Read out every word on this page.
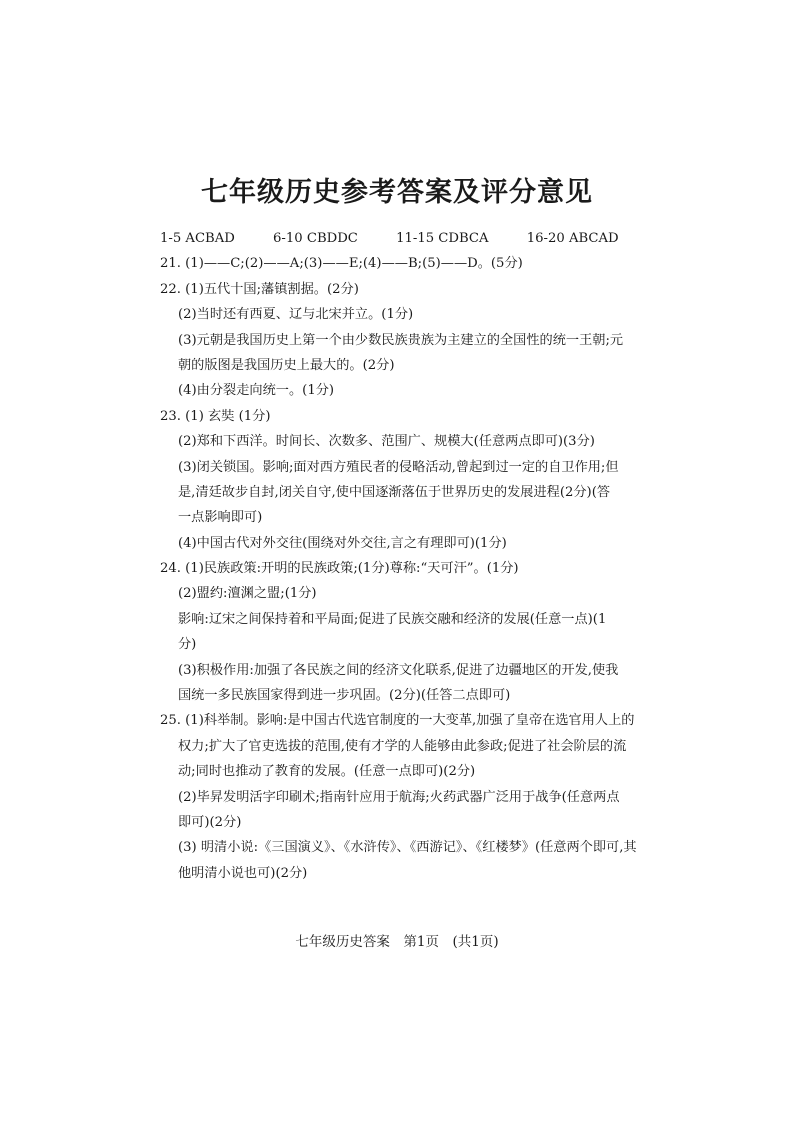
七年级历史参考答案及评分意见
1-5 ACBAD	6-10 CBDDC	11-15 CDBCA	16-20 ABCAD
21. (1)——C;(2)——A;(3)——E;(4)——B;(5)——D。(5分)
22. (1)五代十国;藩镇割据。(2分)
(2)当时还有西夏、辽与北宋并立。(1分)
(3)元朝是我国历史上第一个由少数民族贵族为主建立的全国性的统一王朝;元
朝的版图是我国历史上最大的。(2分)
(4)由分裂走向统一。(1分)
23. (1) 玄奘 (1分)
(2)郑和下西洋。时间长、次数多、范围广、规模大(任意两点即可)(3分)
(3)闭关锁国。影响;面对西方殖民者的侵略活动,曾起到过一定的自卫作用;但
是,清廷故步自封,闭关自守,使中国逐渐落伍于世界历史的发展进程(2分)(答
一点影响即可)
(4)中国古代对外交往(围绕对外交往,言之有理即可)(1分)
24. (1)民族政策:开明的民族政策;(1分)尊称:“天可汗”。(1分)
(2)盟约:澶渊之盟;(1分)
影响:辽宋之间保持着和平局面;促进了民族交融和经济的发展(任意一点)(1
分)
(3)积极作用:加强了各民族之间的经济文化联系,促进了边疆地区的开发,使我
国统一多民族国家得到进一步巩固。(2分)(任答二点即可)
25. (1)科举制。影响:是中国古代选官制度的一大变革,加强了皇帝在选官用人上的
权力;扩大了官吏选拔的范围,使有才学的人能够由此参政;促进了社会阶层的流
动;同时也推动了教育的发展。(任意一点即可)(2分)
(2)毕昇发明活字印刷术;指南针应用于航海;火药武器广泛用于战争(任意两点
即可)(2分)
(3) 明清小说:《三国演义》、《水浒传》、《西游记》、《红楼梦》(任意两个即可,其
他明清小说也可)(2分)
七年级历史答案　第1页　(共1页)
